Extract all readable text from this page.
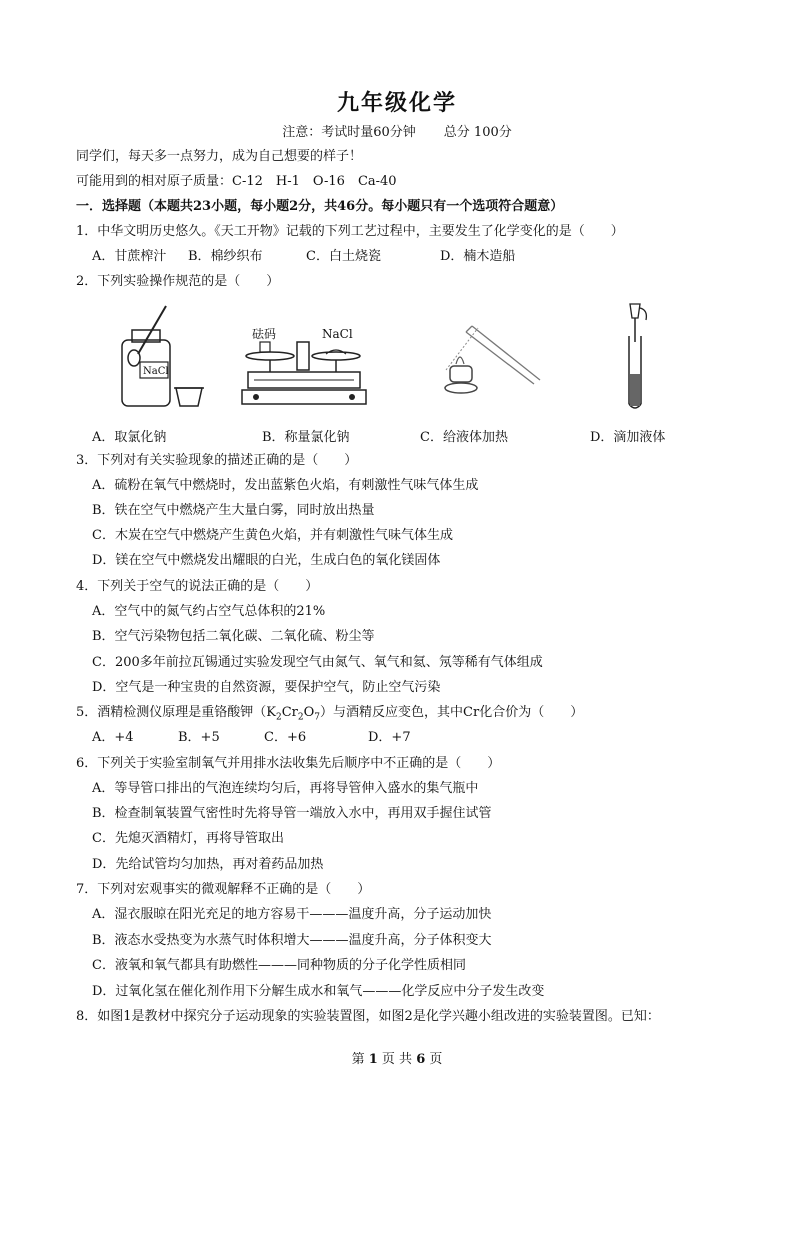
九年级化学
注意：考试时量60分钟 总分 100分
同学们，每天多一点努力，成为自己想要的样子！
可能用到的相对原子质量：C-12　H-1　O-16　Ca-40
一．选择题（本题共23小题，每小题2分，共46分。每小题只有一个选项符合题意）
1．中华文明历史悠久。《天工开物》记载的下列工艺过程中，主要发生了化学变化的是（　　）
A．甘蔗榨汁 B．棉纱织布	C．白土烧瓷	D．楠木造船
2．下列实验操作规范的是（　　）
NaCl
砝码	NaCl
A．取氯化钠	B．称量氯化钠	C．给液体加热	D．滴加液体
3．下列对有关实验现象的描述正确的是（　　）
A．硫粉在氧气中燃烧时，发出蓝紫色火焰，有刺激性气味气体生成
B．铁在空气中燃烧产生大量白雾，同时放出热量
C．木炭在空气中燃烧产生黄色火焰，并有刺激性气味气体生成
D．镁在空气中燃烧发出耀眼的白光，生成白色的氧化镁固体
4．下列关于空气的说法正确的是（　　）
A．空气中的氮气约占空气总体积的21%
B．空气污染物包括二氧化碳、二氧化硫、粉尘等
C．200多年前拉瓦锡通过实验发现空气由氮气、氧气和氦、氖等稀有气体组成
D．空气是一种宝贵的自然资源，要保护空气，防止空气污染
5．酒精检测仪原理是重铬酸钾$(K_2Cr_2O_7)$与酒精反应变色，其中Cr化合价为（　　）
A．+4	B．+5	C．+6	D．+7
6．下列关于实验室制氧气并用排水法收集先后顺序中不正确的是（　　）
A．等导管口排出的气泡连续均匀后，再将导管伸入盛水的集气瓶中
B．检查制氧装置气密性时先将导管一端放入水中，再用双手握住试管
C．先熄灭酒精灯，再将导管取出
D．先给试管均匀加热，再对着药品加热
7．下列对宏观事实的微观解释不正确的是（　　）
A．湿衣服晾在阳光充足的地方容易干———温度升高，分子运动加快
B．液态水受热变为水蒸气时体积增大———温度升高，分子体积变大
C．液氧和氧气都具有助燃性———同种物质的分子化学性质相同
D．过氧化氢在催化剂作用下分解生成水和氧气———化学反应中分子发生改变
8．如图1是教材中探究分子运动现象的实验装置图，如图2是化学兴趣小组改进的实验装置图。已知：
第 1 页 共 6 页
